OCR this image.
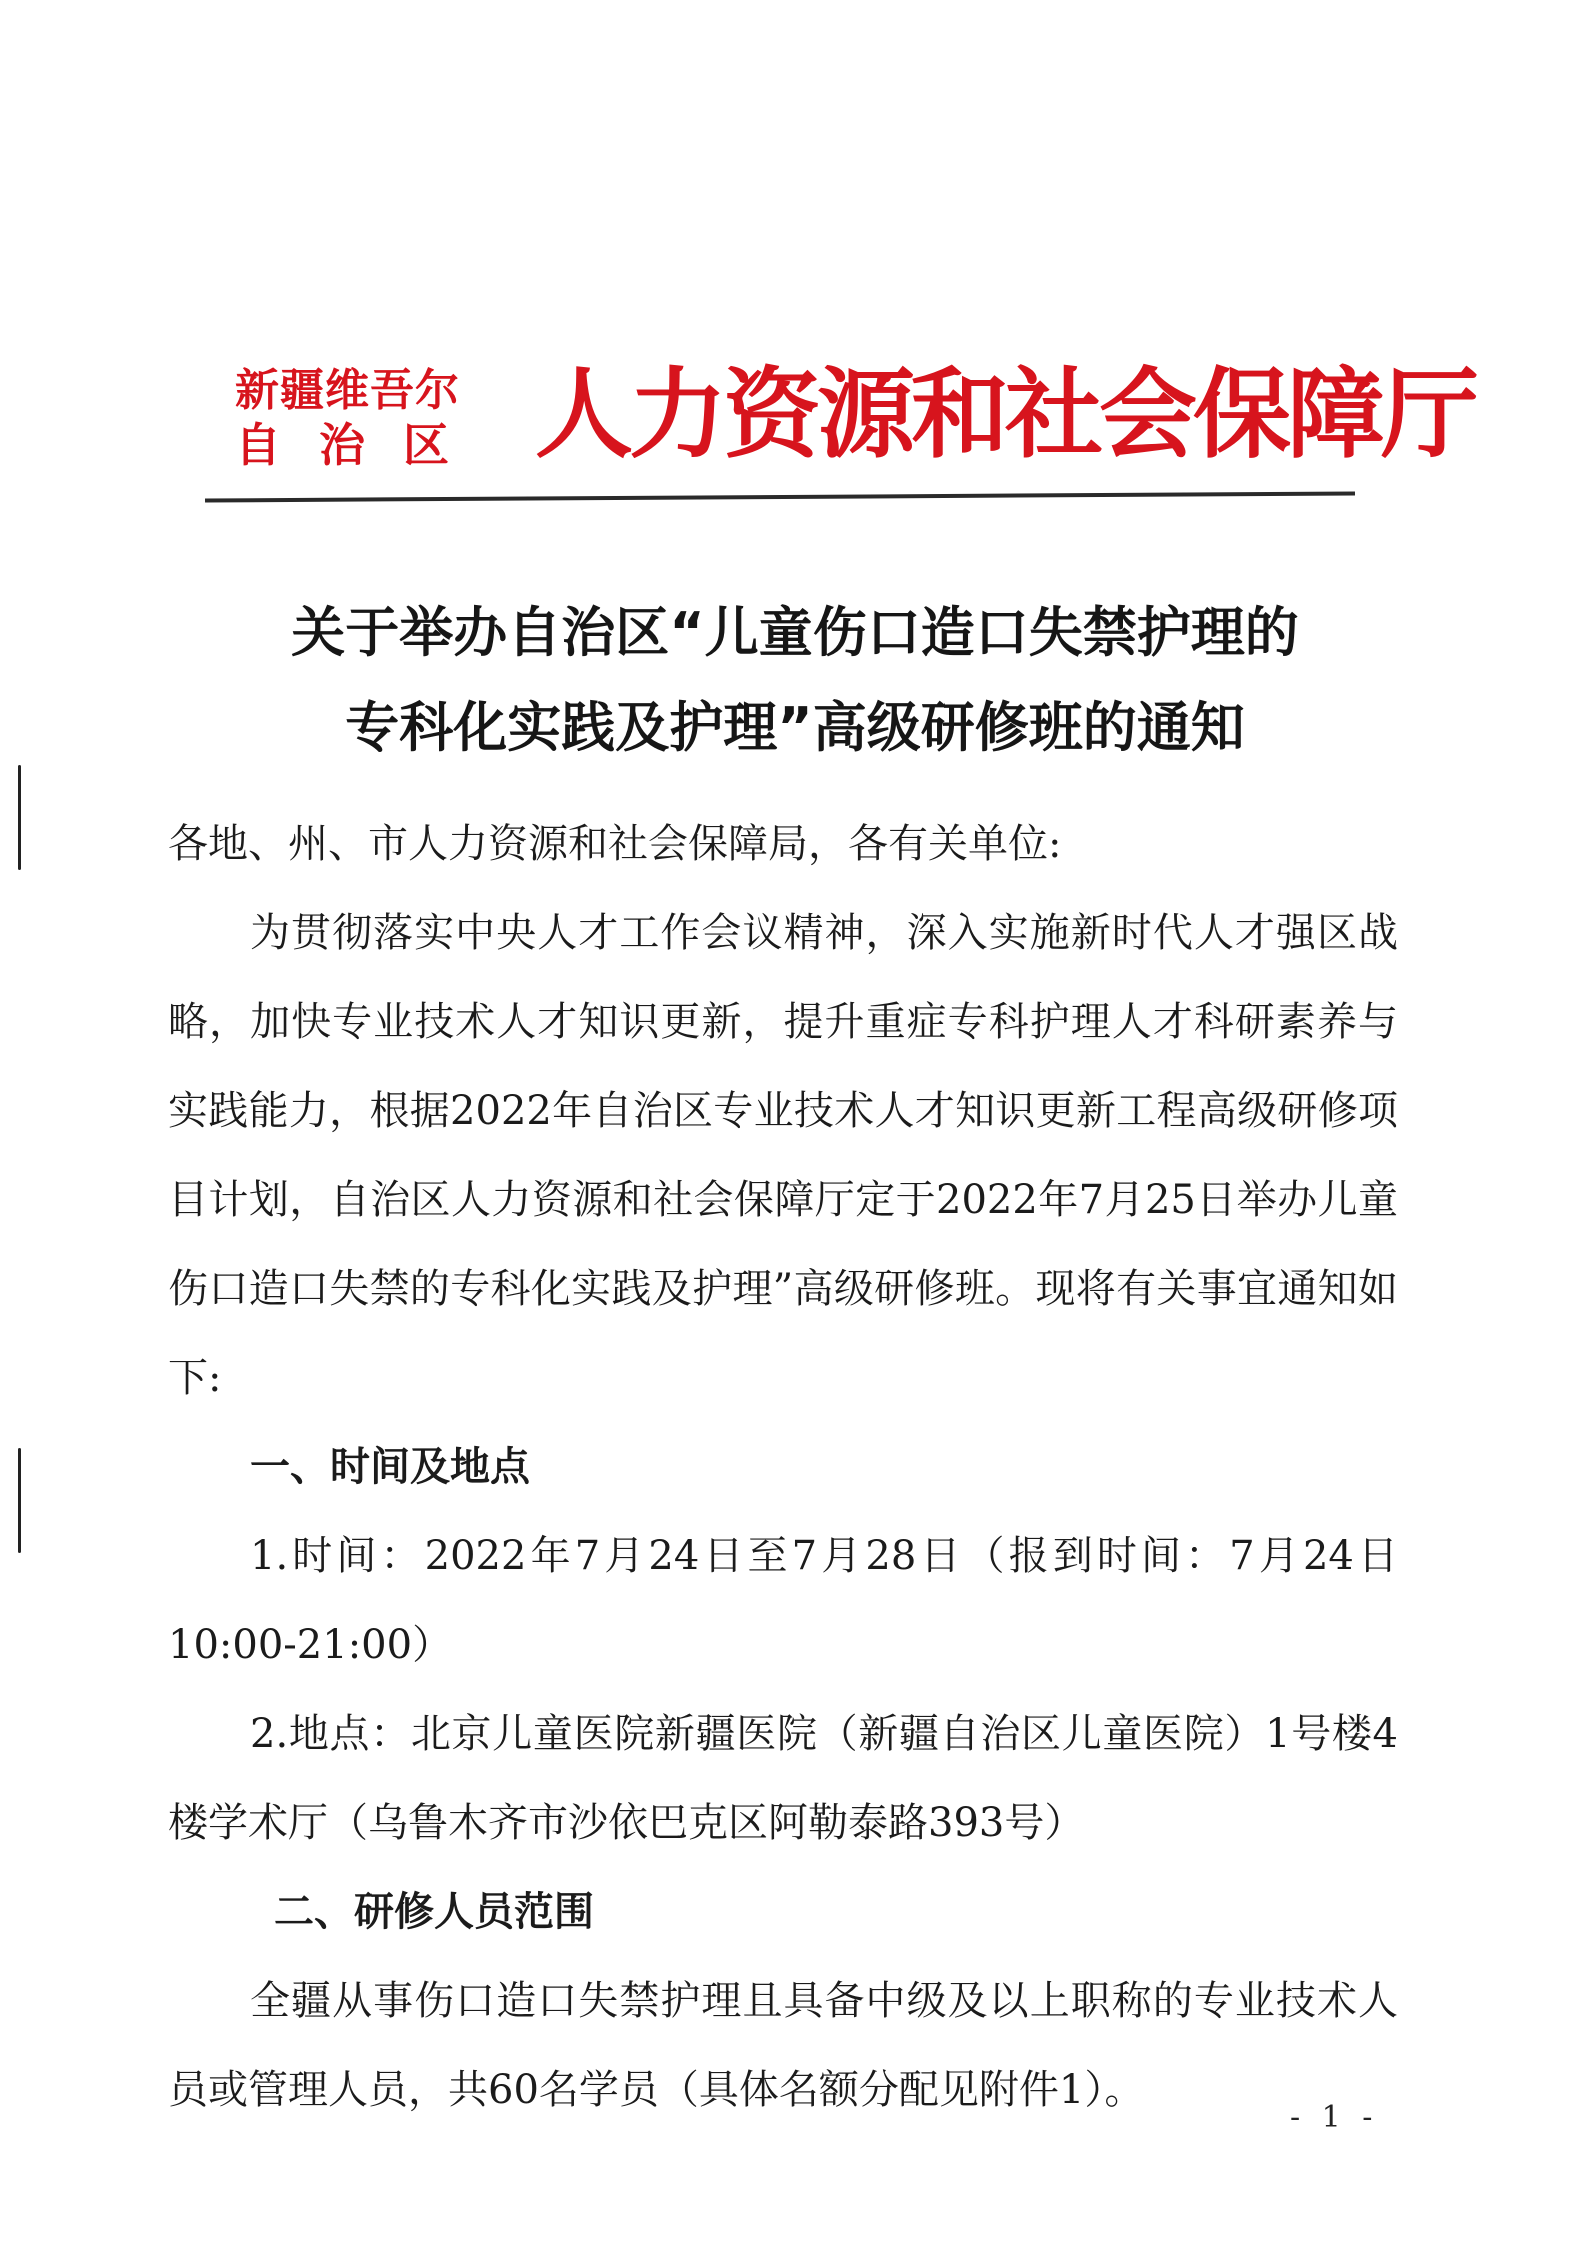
新疆维吾尔
自治区 人力资源和社会保障厅
关于举办自治区“儿童伤口造口失禁护理的
专科化实践及护理”高级研修班的通知

各地、州、市人力资源和社会保障局，各有关单位:

为贯彻落实中央人才工作会议精神，深入实施新时代人才强区战略，加快专业技术人才知识更新，提升重症专科护理人才科研素养与实践能力，根据2022年自治区专业技术人才知识更新工程高级研修项目计划，自治区人力资源和社会保障厅定于2022年7月25日举办儿童伤口造口失禁的专科化实践及护理”高级研修班。现将有关事宜通知如下:

一、时间及地点

1.时间：2022年7月24日至7月28日（报到时间：7月24日 10:00-21:00）

2.地点：北京儿童医院新疆医院（新疆自治区儿童医院）1号楼4楼学术厅（乌鲁木齐市沙依巴克区阿勒泰路393号）

二、研修人员范围

全疆从事伤口造口失禁护理且具备中级及以上职称的专业技术人员或管理人员，共60名学员（具体名额分配见附件1）。

- 1 -
